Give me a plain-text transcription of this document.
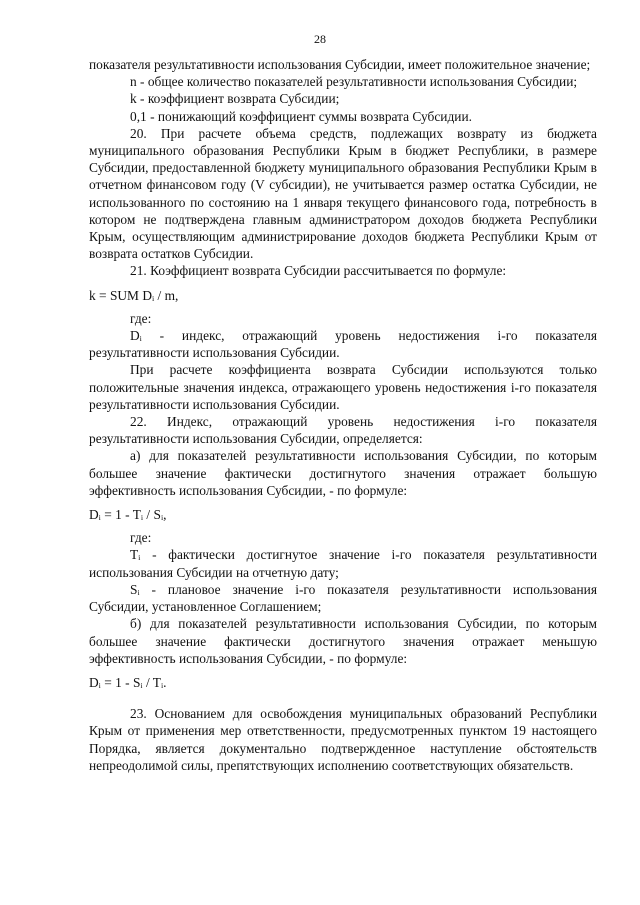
28

показателя результативности использования Субсидии, имеет положительное значение;

n - общее количество показателей результативности использования Субсидии;

k - коэффициент возврата Субсидии;

0,1 - понижающий коэффициент суммы возврата Субсидии.

20. При расчете объема средств, подлежащих возврату из бюджета муниципального образования Республики Крым в бюджет Республики, в размере Субсидии, предоставленной бюджету муниципального образования Республики Крым в отчетном финансовом году (V субсидии), не учитывается размер остатка Субсидии, не использованного по состоянию на 1 января текущего финансового года, потребность в котором не подтверждена главным администратором доходов бюджета Республики Крым, осуществляющим администрирование доходов бюджета Республики Крым от возврата остатков Субсидии.

21. Коэффициент возврата Субсидии рассчитывается по формуле:

k = SUM Dᵢ / m,

где:

Dᵢ - индекс, отражающий уровень недостижения i-го показателя результативности использования Субсидии.

При расчете коэффициента возврата Субсидии используются только положительные значения индекса, отражающего уровень недостижения i-го показателя результативности использования Субсидии.

22. Индекс, отражающий уровень недостижения i-го показателя результативности использования Субсидии, определяется:

а) для показателей результативности использования Субсидии, по которым большее значение фактически достигнутого значения отражает большую эффективность использования Субсидии, - по формуле:

Dᵢ = 1 - Tᵢ / Sᵢ,

где:

Tᵢ - фактически достигнутое значение i-го показателя результативности использования Субсидии на отчетную дату;

Sᵢ - плановое значение i-го показателя результативности использования Субсидии, установленное Соглашением;

б) для показателей результативности использования Субсидии, по которым большее значение фактически достигнутого значения отражает меньшую эффективность использования Субсидии, - по формуле:

Dᵢ = 1 - Sᵢ / Tᵢ.

23. Основанием для освобождения муниципальных образований Республики Крым от применения мер ответственности, предусмотренных пунктом 19 настоящего Порядка, является документально подтвержденное наступление обстоятельств непреодолимой силы, препятствующих исполнению соответствующих обязательств.
